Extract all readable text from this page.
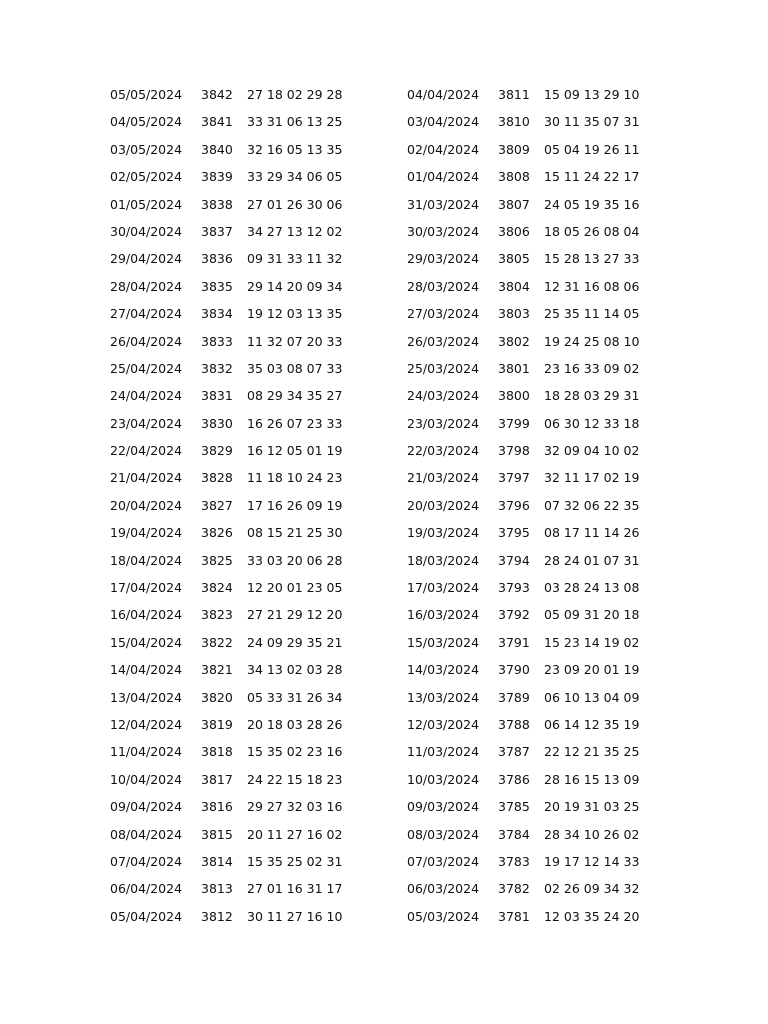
05/05/2024 3842 27 18 02 29 28
04/05/2024 3841 33 31 06 13 25
03/05/2024 3840 32 16 05 13 35
02/05/2024 3839 33 29 34 06 05
01/05/2024 3838 27 01 26 30 06
30/04/2024 3837 34 27 13 12 02
29/04/2024 3836 09 31 33 11 32
28/04/2024 3835 29 14 20 09 34
27/04/2024 3834 19 12 03 13 35
26/04/2024 3833 11 32 07 20 33
25/04/2024 3832 35 03 08 07 33
24/04/2024 3831 08 29 34 35 27
23/04/2024 3830 16 26 07 23 33
22/04/2024 3829 16 12 05 01 19
21/04/2024 3828 11 18 10 24 23
20/04/2024 3827 17 16 26 09 19
19/04/2024 3826 08 15 21 25 30
18/04/2024 3825 33 03 20 06 28
17/04/2024 3824 12 20 01 23 05
16/04/2024 3823 27 21 29 12 20
15/04/2024 3822 24 09 29 35 21
14/04/2024 3821 34 13 02 03 28
13/04/2024 3820 05 33 31 26 34
12/04/2024 3819 20 18 03 28 26
11/04/2024 3818 15 35 02 23 16
10/04/2024 3817 24 22 15 18 23
09/04/2024 3816 29 27 32 03 16
08/04/2024 3815 20 11 27 16 02
07/04/2024 3814 15 35 25 02 31
06/04/2024 3813 27 01 16 31 17
05/04/2024 3812 30 11 27 16 10
04/04/2024 3811 15 09 13 29 10
03/04/2024 3810 30 11 35 07 31
02/04/2024 3809 05 04 19 26 11
01/04/2024 3808 15 11 24 22 17
31/03/2024 3807 24 05 19 35 16
30/03/2024 3806 18 05 26 08 04
29/03/2024 3805 15 28 13 27 33
28/03/2024 3804 12 31 16 08 06
27/03/2024 3803 25 35 11 14 05
26/03/2024 3802 19 24 25 08 10
25/03/2024 3801 23 16 33 09 02
24/03/2024 3800 18 28 03 29 31
23/03/2024 3799 06 30 12 33 18
22/03/2024 3798 32 09 04 10 02
21/03/2024 3797 32 11 17 02 19
20/03/2024 3796 07 32 06 22 35
19/03/2024 3795 08 17 11 14 26
18/03/2024 3794 28 24 01 07 31
17/03/2024 3793 03 28 24 13 08
16/03/2024 3792 05 09 31 20 18
15/03/2024 3791 15 23 14 19 02
14/03/2024 3790 23 09 20 01 19
13/03/2024 3789 06 10 13 04 09
12/03/2024 3788 06 14 12 35 19
11/03/2024 3787 22 12 21 35 25
10/03/2024 3786 28 16 15 13 09
09/03/2024 3785 20 19 31 03 25
08/03/2024 3784 28 34 10 26 02
07/03/2024 3783 19 17 12 14 33
06/03/2024 3782 02 26 09 34 32
05/03/2024 3781 12 03 35 24 20
